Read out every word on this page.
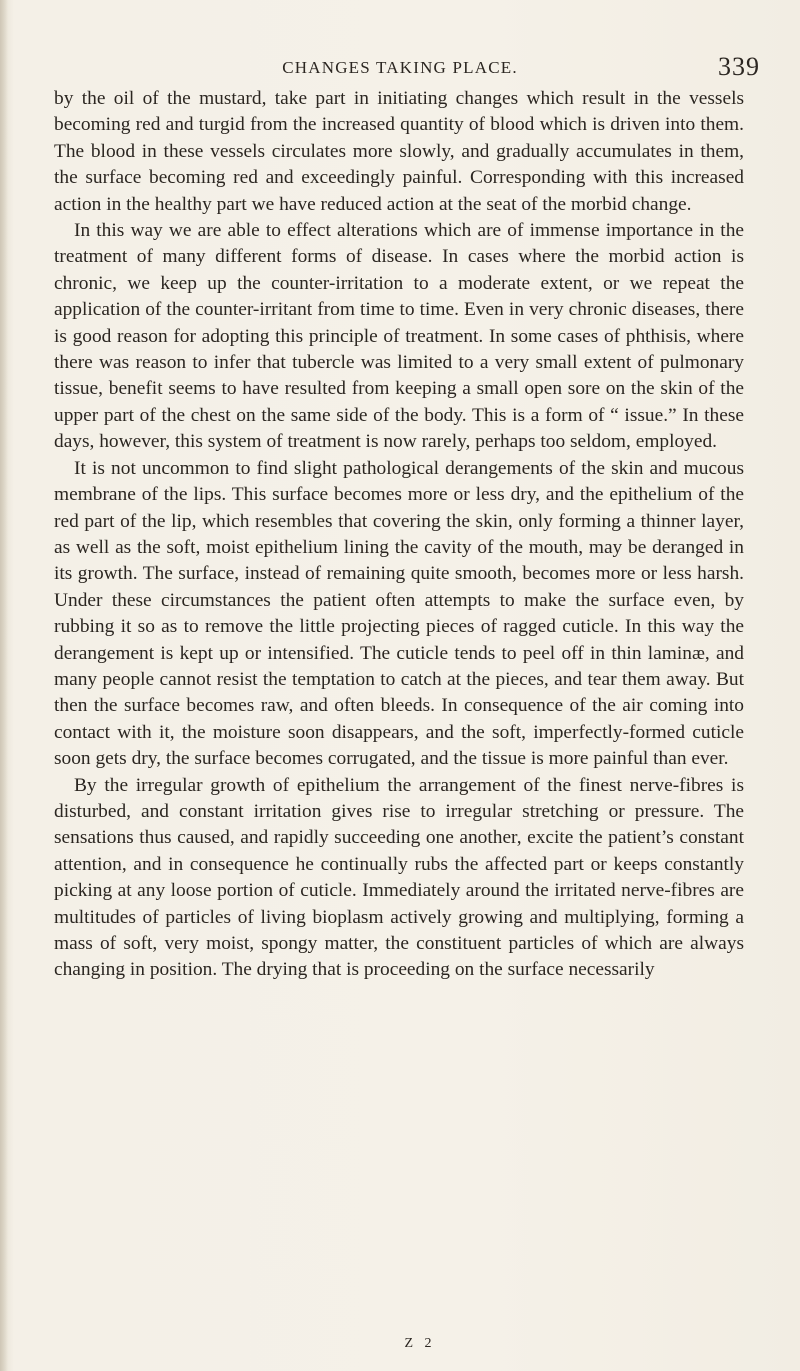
CHANGES TAKING PLACE.	339

by the oil of the mustard, take part in initiating changes which result in the vessels becoming red and turgid from the increased quantity of blood which is driven into them. The blood in these vessels circulates more slowly, and gradually accumulates in them, the surface becoming red and exceedingly painful. Corresponding with this increased action in the healthy part we have reduced action at the seat of the morbid change.

In this way we are able to effect alterations which are of immense importance in the treatment of many different forms of disease. In cases where the morbid action is chronic, we keep up the counter-irritation to a moderate extent, or we repeat the application of the counter-irritant from time to time. Even in very chronic diseases, there is good reason for adopting this principle of treatment. In some cases of phthisis, where there was reason to infer that tubercle was limited to a very small extent of pulmonary tissue, benefit seems to have resulted from keeping a small open sore on the skin of the upper part of the chest on the same side of the body. This is a form of “ issue.” In these days, however, this system of treatment is now rarely, perhaps too seldom, employed.

It is not uncommon to find slight pathological derangements of the skin and mucous membrane of the lips. This surface becomes more or less dry, and the epithelium of the red part of the lip, which resembles that covering the skin, only forming a thinner layer, as well as the soft, moist epithelium lining the cavity of the mouth, may be deranged in its growth. The surface, instead of remaining quite smooth, becomes more or less harsh. Under these circumstances the patient often attempts to make the surface even, by rubbing it so as to remove the little projecting pieces of ragged cuticle. In this way the derangement is kept up or intensified. The cuticle tends to peel off in thin laminæ, and many people cannot resist the temptation to catch at the pieces, and tear them away. But then the surface becomes raw, and often bleeds. In consequence of the air coming into contact with it, the moisture soon disappears, and the soft, imperfectly-formed cuticle soon gets dry, the surface becomes corrugated, and the tissue is more painful than ever.

By the irregular growth of epithelium the arrangement of the finest nerve-fibres is disturbed, and constant irritation gives rise to irregular stretching or pressure. The sensations thus caused, and rapidly succeeding one another, excite the patient’s constant attention, and in consequence he continually rubs the affected part or keeps constantly picking at any loose portion of cuticle. Immediately around the irritated nerve-fibres are multitudes of particles of living bioplasm actively growing and multiplying, forming a mass of soft, very moist, spongy matter, the constituent particles of which are always changing in position. The drying that is proceeding on the surface necessarily

Z 2
